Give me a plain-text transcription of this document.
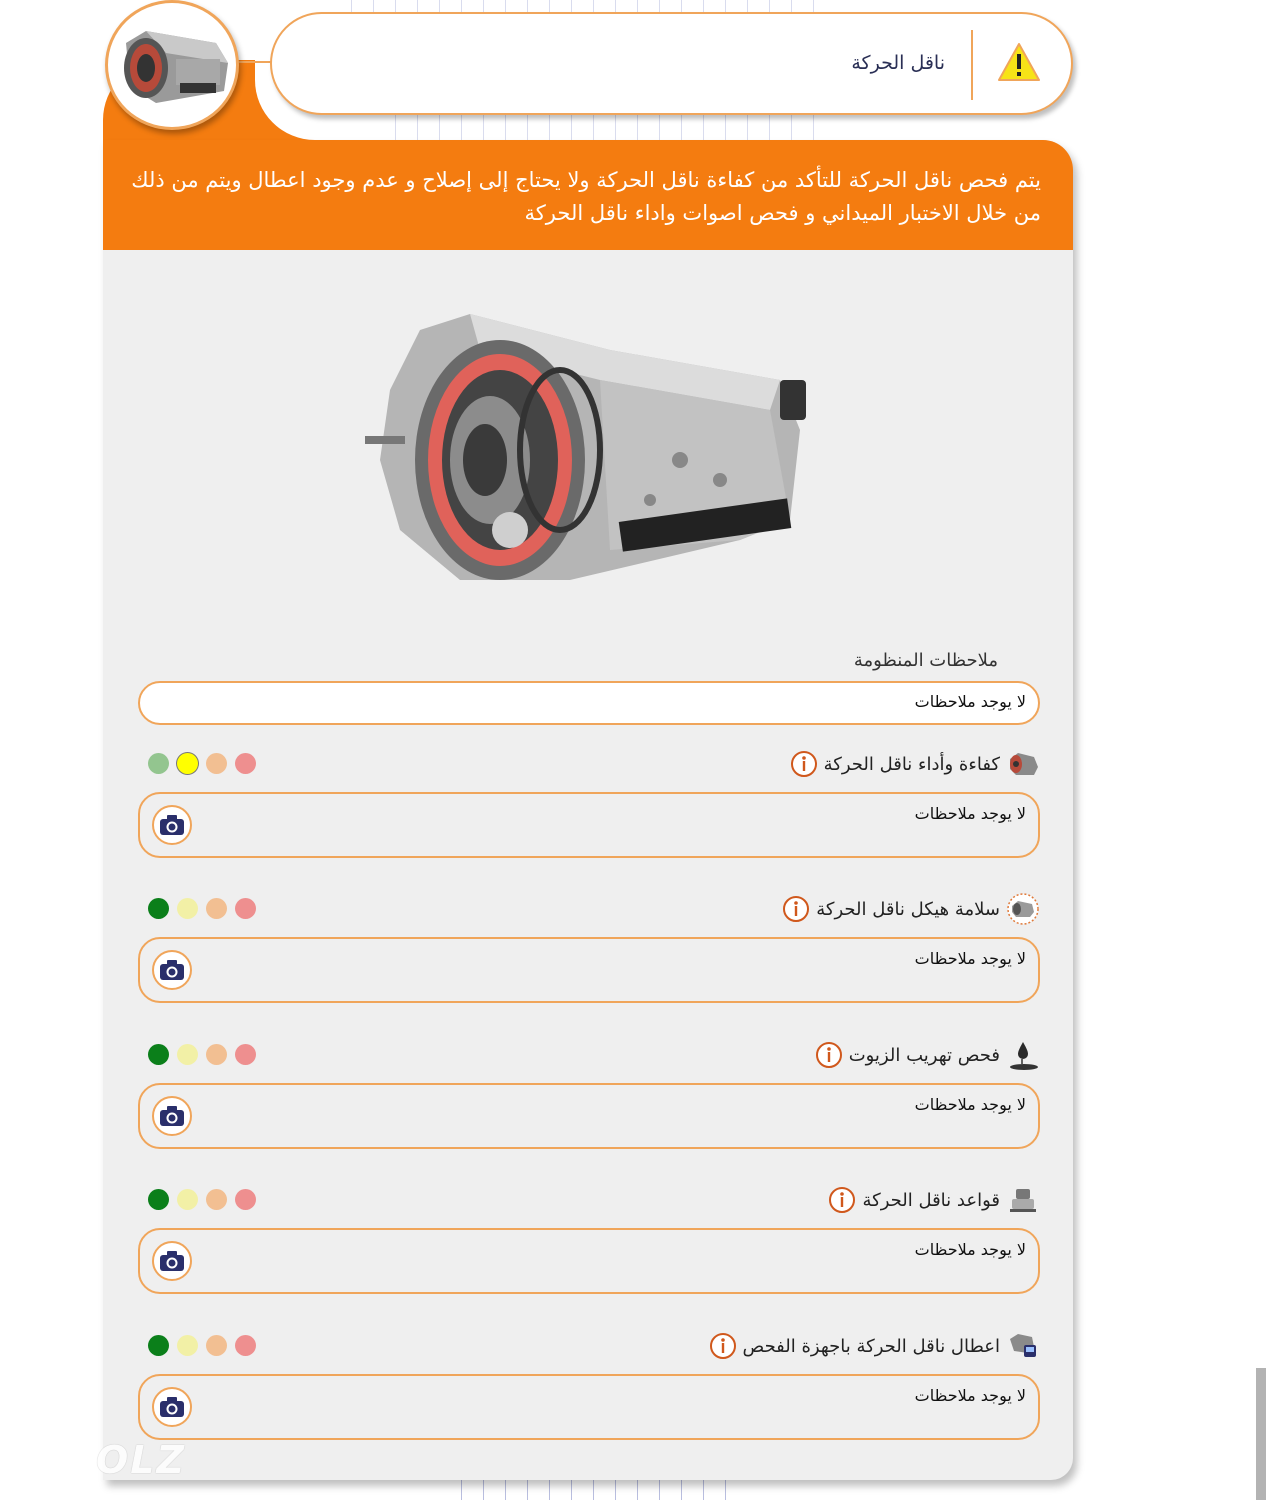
يتم فحص ناقل الحركة للتأكد من كفاءة ناقل الحركة ولا يحتاج إلى إصلاح و عدم وجود اعطال ويتم من ذلك من خلال الاختبار الميداني و فحص اصوات واداء ناقل الحركة

ناقل الحركة
ملاحظات المنظومة
لا يوجد ملاحظات
كفاءة وأداء ناقل الحركة
لا يوجد ملاحظات
سلامة هيكل ناقل الحركة
لا يوجد ملاحظات
فحص تهريب الزيوت
لا يوجد ملاحظات
قواعد ناقل الحركة
لا يوجد ملاحظات
اعطال ناقل الحركة باجهزة الفحص
لا يوجد ملاحظات
OLZ
